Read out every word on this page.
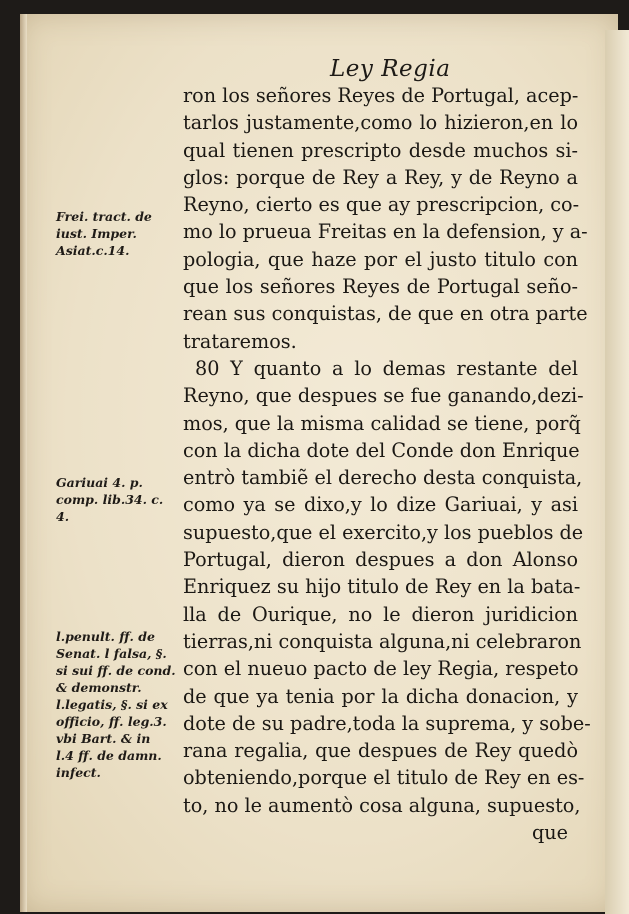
Ley Regia
ron los señores Reyes de Portugal, acep-
tarlos justamente,como lo hizieron,en lo
qual tienen prescripto desde muchos si-
glos: porque de Rey a Rey, y de Reyno a
Reyno, cierto es que ay prescripcion, co-
mo lo prueua Freitas en la defension, y a-
pologia, que haze por el justo titulo con
que los señores Reyes de Portugal seño-
rean sus conquistas, de que en otra parte
trataremos.
80 Y quanto a lo demas restante del
Reyno, que despues se fue ganando,dezi-
mos, que la misma calidad se tiene, porq̃
con la dicha dote del Conde don Enrique
entrò tambiẽ el derecho desta conquista,
como ya se dixo,y lo dize Gariuai, y asi
supuesto,que el exercito,y los pueblos de
Portugal, dieron despues a don Alonso
Enriquez su hijo titulo de Rey en la bata-
lla de Ourique, no le dieron juridicion
tierras,ni conquista alguna,ni celebraron
con el nueuo pacto de ley Regia, respeto
de que ya tenia por la dicha donacion, y
dote de su padre,toda la suprema, y sobe-
rana regalia, que despues de Rey quedò
obteniendo,porque el titulo de Rey en es-
to, no le aumentò cosa alguna, supuesto,
que
Frei. tract. de
iust. Imper.
Asiat.c.14.
Gariuai 4. p.
comp. lib.34. c.
4.
l.penult. ff. de
Senat. l falsa, §.
si sui ff. de cond.
& demonstr.
l.legatis, §. si ex
officio, ff. leg.3.
vbi Bart. & in
l.4 ff. de damn.
infect.
